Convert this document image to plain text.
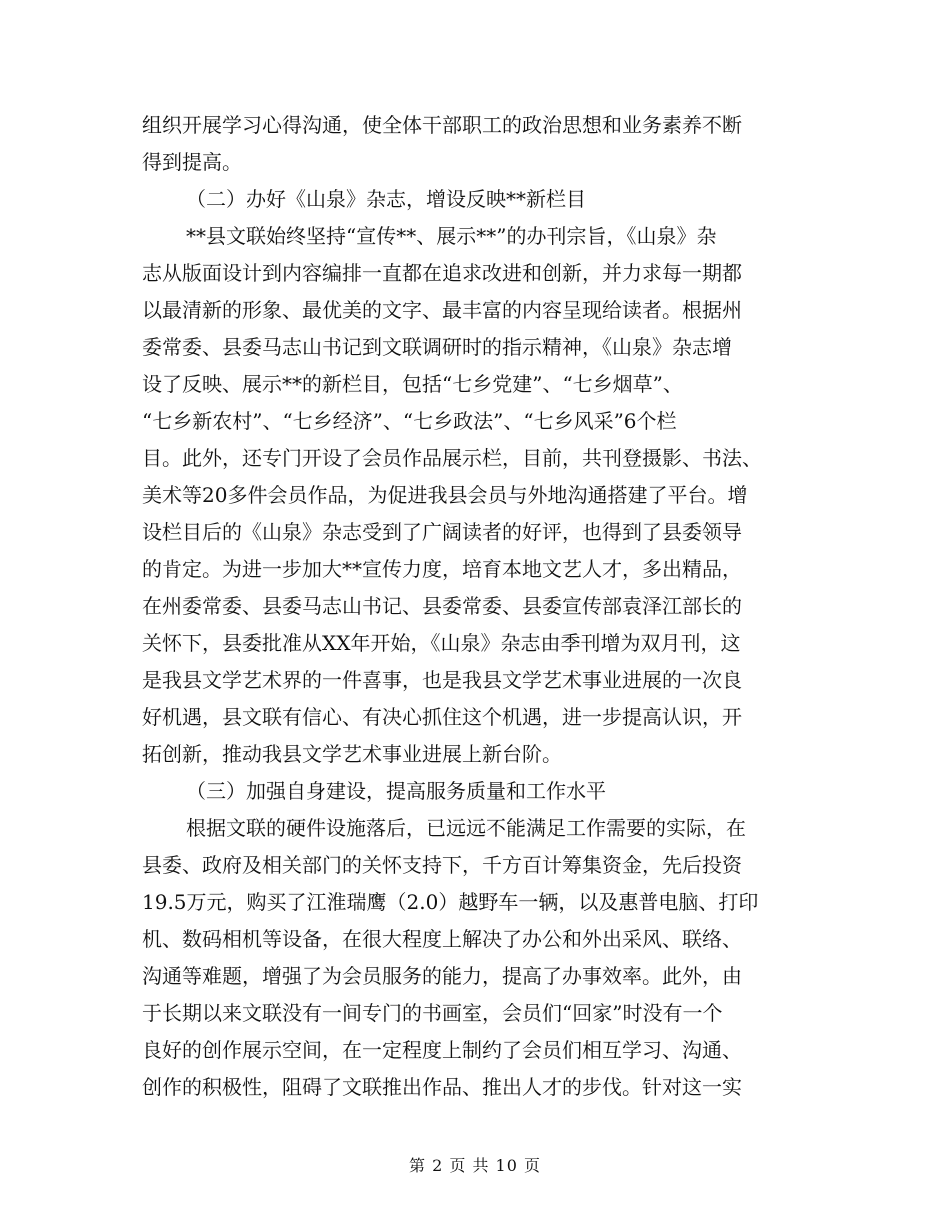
组织开展学习心得沟通，使全体干部职工的政治思想和业务素养不断
得到提高。
（二）办好《山泉》杂志，增设反映**新栏目
**县文联始终坚持“宣传**、展示**”的办刊宗旨，《山泉》杂
志从版面设计到内容编排一直都在追求改进和创新，并力求每一期都
以最清新的形象、最优美的文字、最丰富的内容呈现给读者。根据州
委常委、县委马志山书记到文联调研时的指示精神，《山泉》杂志增
设了反映、展示**的新栏目，包括“七乡党建”、“七乡烟草”、
“七乡新农村”、“七乡经济”、“七乡政法”、“七乡风采”6个栏
目。此外，还专门开设了会员作品展示栏，目前，共刊登摄影、书法、
美术等20多件会员作品，为促进我县会员与外地沟通搭建了平台。增
设栏目后的《山泉》杂志受到了广阔读者的好评，也得到了县委领导
的肯定。为进一步加大**宣传力度，培育本地文艺人才，多出精品，
在州委常委、县委马志山书记、县委常委、县委宣传部袁泽江部长的
关怀下，县委批准从XX年开始，《山泉》杂志由季刊增为双月刊，这
是我县文学艺术界的一件喜事，也是我县文学艺术事业进展的一次良
好机遇，县文联有信心、有决心抓住这个机遇，进一步提高认识，开
拓创新，推动我县文学艺术事业进展上新台阶。
（三）加强自身建设，提高服务质量和工作水平
根据文联的硬件设施落后，已远远不能满足工作需要的实际，在
县委、政府及相关部门的关怀支持下，千方百计筹集资金，先后投资
19.5万元，购买了江淮瑞鹰（2.0）越野车一辆，以及惠普电脑、打印
机、数码相机等设备，在很大程度上解决了办公和外出采风、联络、
沟通等难题，增强了为会员服务的能力，提高了办事效率。此外，由
于长期以来文联没有一间专门的书画室，会员们“回家”时没有一个
良好的创作展示空间，在一定程度上制约了会员们相互学习、沟通、
创作的积极性，阻碍了文联推出作品、推出人才的步伐。针对这一实
第 2 页 共 10 页
